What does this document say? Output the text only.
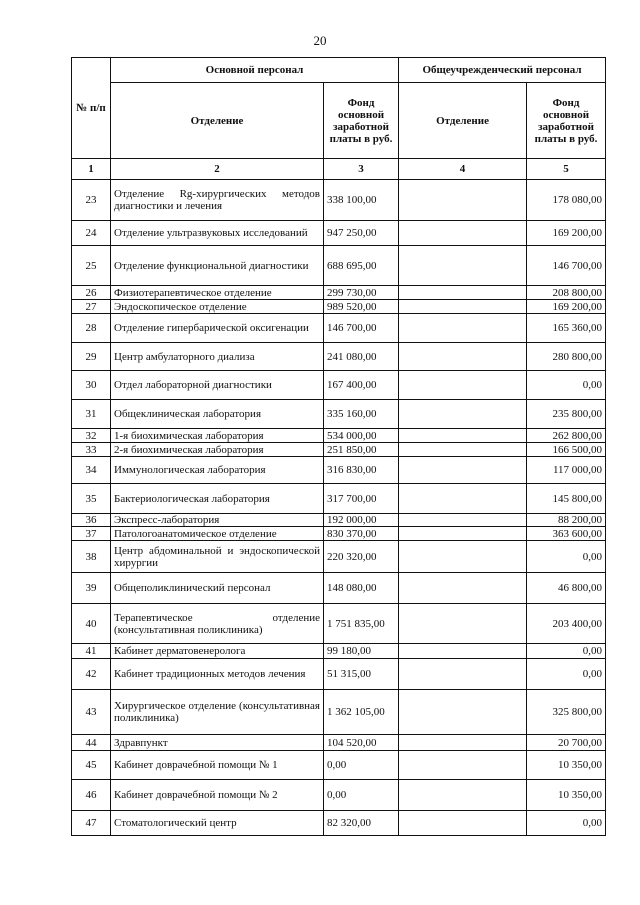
20
№ п/п	Основной персонал		Общеучрежденческий персонал	
	Отделение	Фонд основной заработной платы в руб.	Отделение	Фонд основной заработной платы в руб.
1	2	3	4	5
23	Отделение Rg-хирургических методов диагностики и лечения	338 100,00		178 080,00
24	Отделение ультразвуковых исследований	947 250,00		169 200,00
25	Отделение функциональной диагностики	688 695,00		146 700,00
26	Физиотерапевтическое отделение	299 730,00		208 800,00
27	Эндоскопическое отделение	989 520,00		169 200,00
28	Отделение гипербарической оксигенации	146 700,00		165 360,00
29	Центр амбулаторного диализа	241 080,00		280 800,00
30	Отдел лабораторной диагностики	167 400,00		0,00
31	Общеклиническая лаборатория	335 160,00		235 800,00
32	1-я биохимическая лаборатория	534 000,00		262 800,00
33	2-я биохимическая лаборатория	251 850,00		166 500,00
34	Иммунологическая лаборатория	316 830,00		117 000,00
35	Бактериологическая лаборатория	317 700,00		145 800,00
36	Экспресс-лаборатория	192 000,00		88 200,00
37	Патологоанатомическое отделение	830 370,00		363 600,00
38	Центр абдоминальной и эндоскопической хирургии	220 320,00		0,00
39	Общеполиклинический персонал	148 080,00		46 800,00
40	Терапевтическое отделение (консультативная поликлиника)	1 751 835,00		203 400,00
41	Кабинет дерматовенеролога	99 180,00		0,00
42	Кабинет традиционных методов лечения	51 315,00		0,00
43	Хирургическое отделение (консультативная поликлиника)	1 362 105,00		325 800,00
44	Здравпункт	104 520,00		20 700,00
45	Кабинет доврачебной помощи № 1	0,00		10 350,00
46	Кабинет доврачебной помощи № 2	0,00		10 350,00
47	Стоматологический центр	82 320,00		0,00
